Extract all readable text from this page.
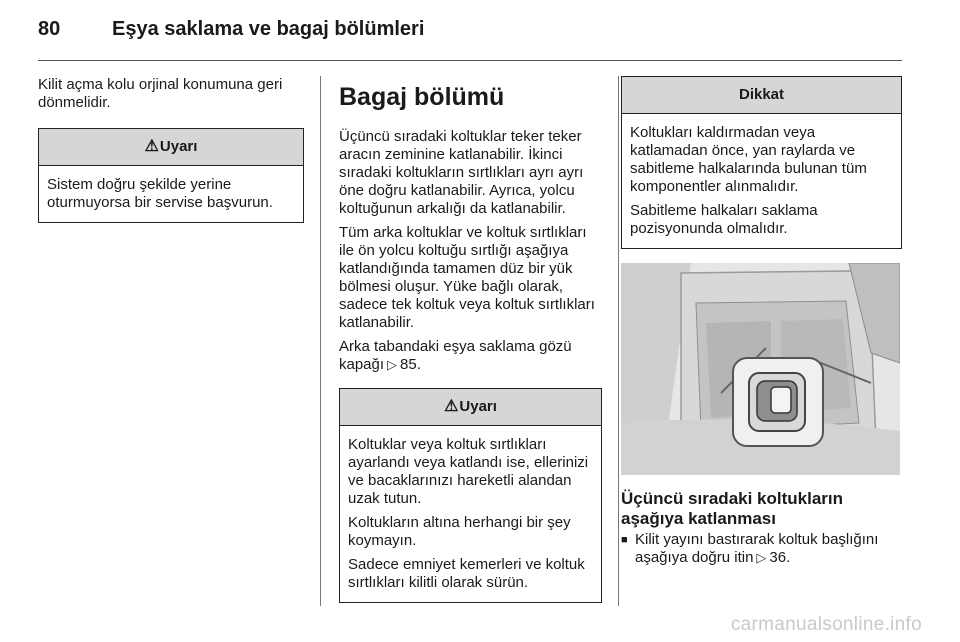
80	Eşya saklama ve bagaj bölümleri

Kilit açma kolu orjinal konumuna geri dönmelidir.

⚠Uyarı

Sistem doğru şekilde yerine oturmuyorsa bir servise başvurun.

Bagaj bölümü

Üçüncü sıradaki koltuklar teker teker aracın zeminine katlanabilir. İkinci sıradaki koltukların sırtlıkları ayrı ayrı öne doğru katlanabilir. Ayrıca, yolcu koltuğunun arkalığı da katlanabilir.

Tüm arka koltuklar ve koltuk sırtlıkları ile ön yolcu koltuğu sırtlığı aşağıya katlandığında tamamen düz bir yük bölmesi oluşur. Yüke bağlı olarak, sadece tek koltuk veya koltuk sırtlıkları katlanabilir.

Arka tabandaki eşya saklama gözü kapağı ▷ 85.

⚠Uyarı

Koltuklar veya koltuk sırtlıkları ayarlandı veya katlandı ise, ellerinizi ve bacaklarınızı hareketli alandan uzak tutun.

Koltukların altına herhangi bir şey koymayın.

Sadece emniyet kemerleri ve koltuk sırtlıkları kilitli olarak sürün.

Dikkat

Koltukları kaldırmadan veya katlamadan önce, yan raylarda ve sabitleme halkalarında bulunan tüm komponentler alınmalıdır.

Sabitleme halkaları saklama pozisyonunda olmalıdır.

Üçüncü sıradaki koltukların aşağıya katlanması
■ Kilit yayını bastırarak koltuk başlığını aşağıya doğru itin ▷ 36.
carmanualsonline.info
